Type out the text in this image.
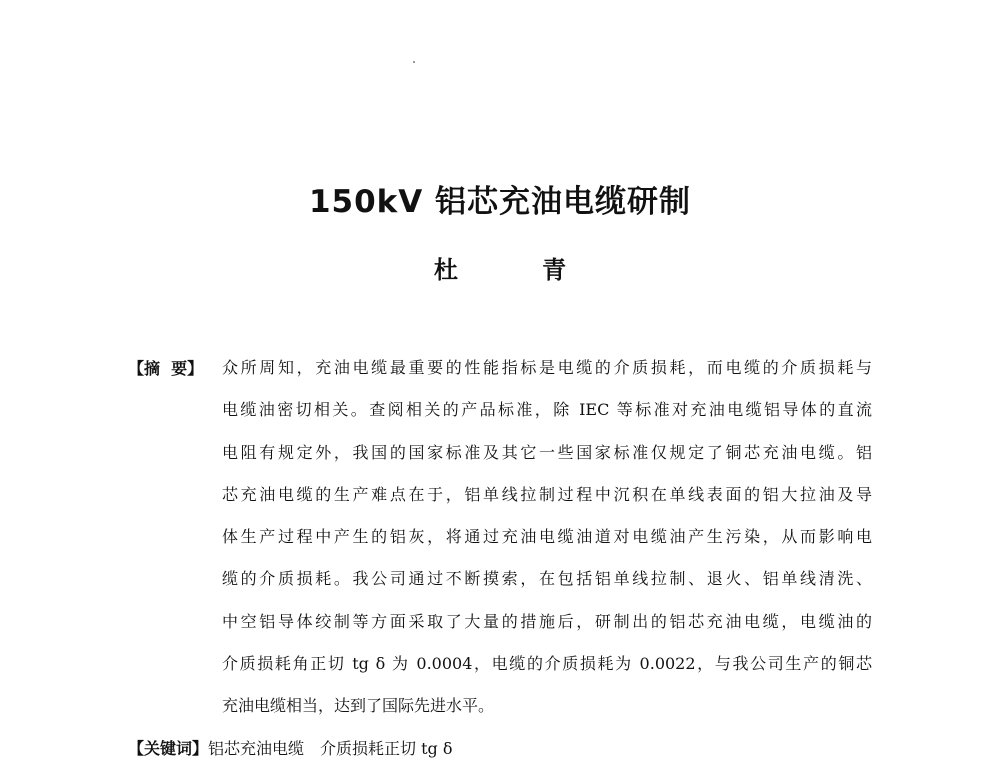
150kV 铝芯充油电缆研制
杜 青
【摘  要】 众所周知，充油电缆最重要的性能指标是电缆的介质损耗，而电缆的介质损耗与
电缆油密切相关。查阅相关的产品标准，除 IEC 等标准对充油电缆铝导体的直流
电阻有规定外，我国的国家标准及其它一些国家标准仅规定了铜芯充油电缆。铝
芯充油电缆的生产难点在于，铝单线拉制过程中沉积在单线表面的铝大拉油及导
体生产过程中产生的铝灰，将通过充油电缆油道对电缆油产生污染，从而影响电
缆的介质损耗。我公司通过不断摸索，在包括铝单线拉制、退火、铝单线清洗、
中空铝导体绞制等方面采取了大量的措施后，研制出的铝芯充油电缆，电缆油的
介质损耗角正切 tg δ 为 0.0004，电缆的介质损耗为 0.0022，与我公司生产的铜芯
充油电缆相当，达到了国际先进水平。
【关键词】铝芯充油电缆　介质损耗正切 tg δ
